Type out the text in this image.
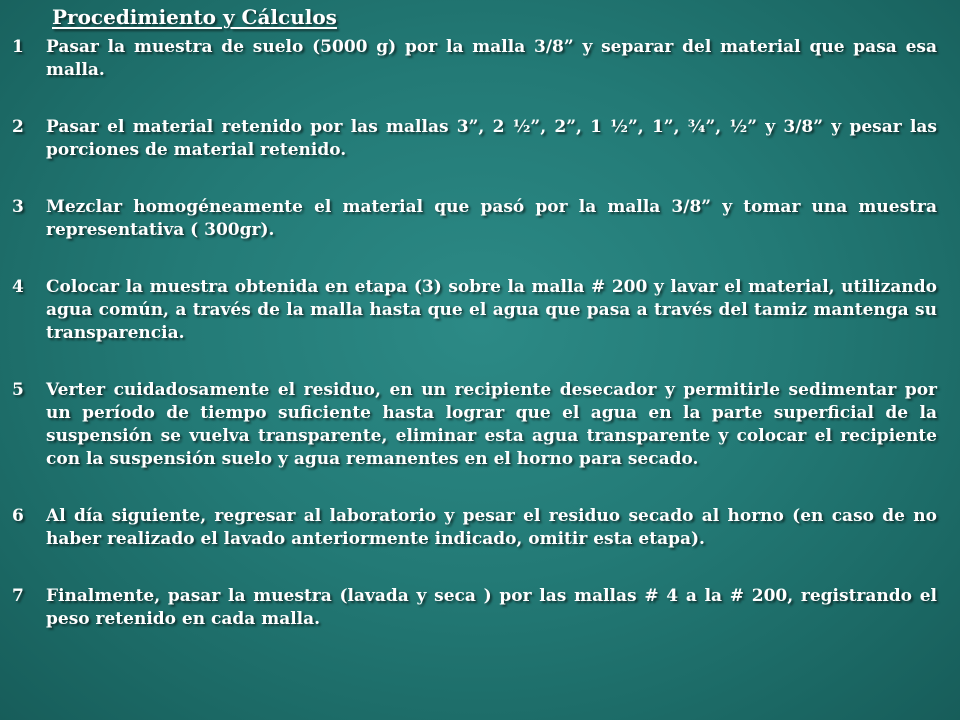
Procedimiento y Cálculos
1	Pasar la muestra de suelo (5000 g) por la malla 3/8” y separar del material que pasa esa malla.
2	Pasar el material retenido por las mallas 3”, 2 ½”, 2”, 1 ½”, 1”, ¾”, ½” y 3/8” y pesar las porciones de material retenido.
3	Mezclar homogéneamente el material que pasó por la malla 3/8” y tomar una muestra representativa ( 300gr).
4	Colocar la muestra obtenida en etapa (3) sobre la malla # 200 y lavar el material, utilizando agua común, a través de la malla hasta que el agua que pasa a través del tamiz mantenga su transparencia.
5	Verter cuidadosamente el residuo, en un recipiente desecador y permitirle sedimentar por un período de tiempo suficiente hasta lograr que el agua en la parte superficial de la suspensión se vuelva transparente, eliminar esta agua transparente y colocar el recipiente con la suspensión suelo y agua remanentes en el horno para secado.
6	Al día siguiente, regresar al laboratorio y pesar el residuo secado al horno (en caso de no haber realizado el lavado anteriormente indicado, omitir esta etapa).
7	Finalmente, pasar la muestra (lavada y seca ) por las mallas # 4 a la # 200, registrando el peso retenido en cada malla.
